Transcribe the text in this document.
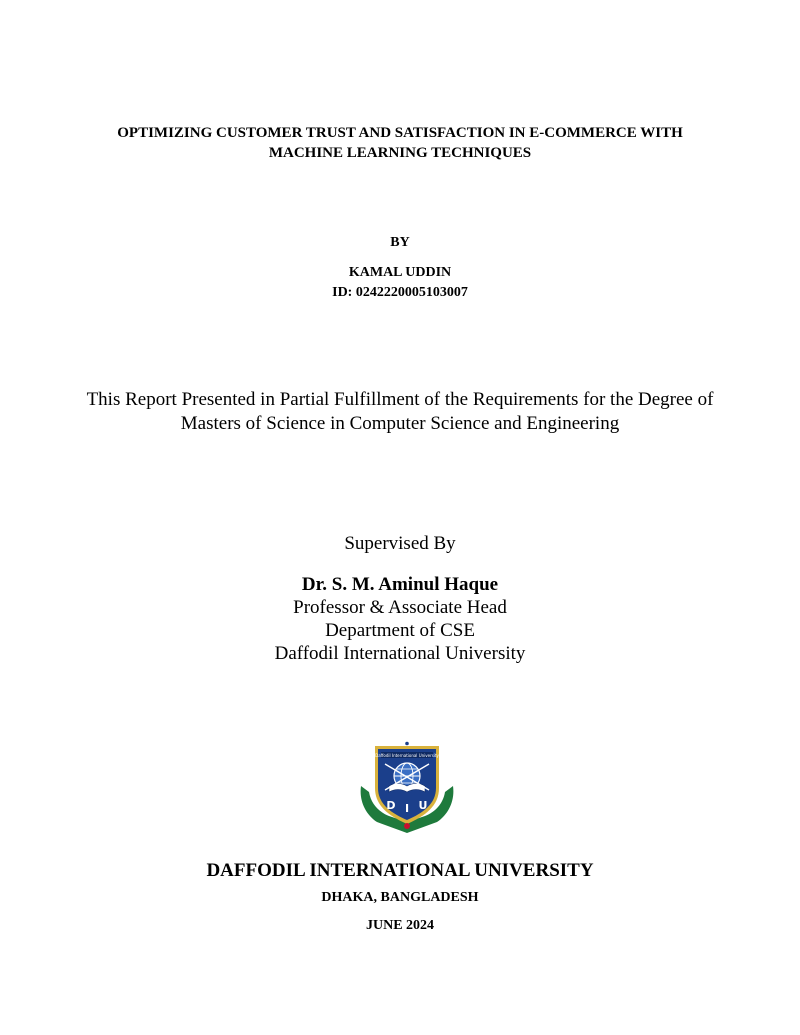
OPTIMIZING CUSTOMER TRUST AND SATISFACTION IN E-COMMERCE WITH
MACHINE LEARNING TECHNIQUES
BY
KAMAL UDDIN
ID: 0242220005103007
This Report Presented in Partial Fulfillment of the Requirements for the Degree of
Masters of Science in Computer Science and Engineering
Supervised By
Dr. S. M. Aminul Haque
Professor & Associate Head
Department of CSE
Daffodil International University
Daffodil International University
D I U
DAFFODIL INTERNATIONAL UNIVERSITY
DHAKA, BANGLADESH
JUNE 2024
